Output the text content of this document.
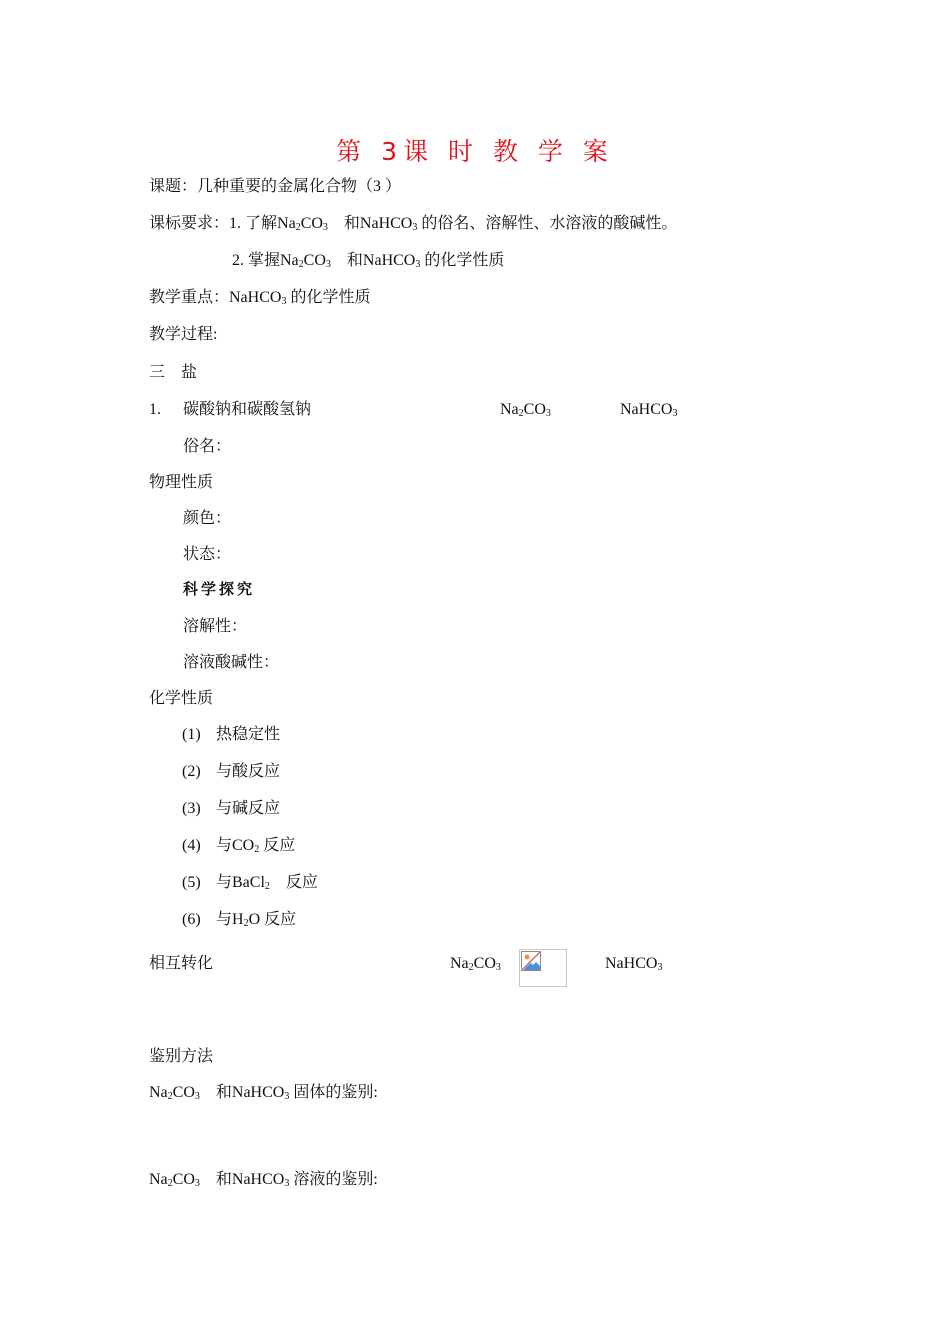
第 3课 时 教 学 案
课题：几种重要的金属化合物（3 ）
课标要求：1. 了解$Na_2CO_3$　和NaHCO$_3$ 的俗名、溶解性、水溶液的酸碱性。
2. 掌握$Na_2CO_3$　和NaHCO$_3$ 的化学性质
教学重点：NaHCO$_3$ 的化学性质
教学过程:
三　盐
1. 碳酸钠和碳酸氢钠	$Na_2CO_3$	NaHCO$_3$
俗名：
物理性质
颜色：
状态：
科学探究
溶解性：
溶液酸碱性：
化学性质
(1) 热稳定性
(2) 与酸反应
(3) 与碱反应
(4) 与$CO_2$ 反应
(5) 与BaCl$_2$　反应
(6) 与$H_2O$ 反应
相互转化	$Na_2CO_3$	NaHCO$_3$
鉴别方法
$Na_2CO_3$　和NaHCO$_3$ 固体的鉴别:
$Na_2CO_3$　和NaHCO$_3$ 溶液的鉴别:
